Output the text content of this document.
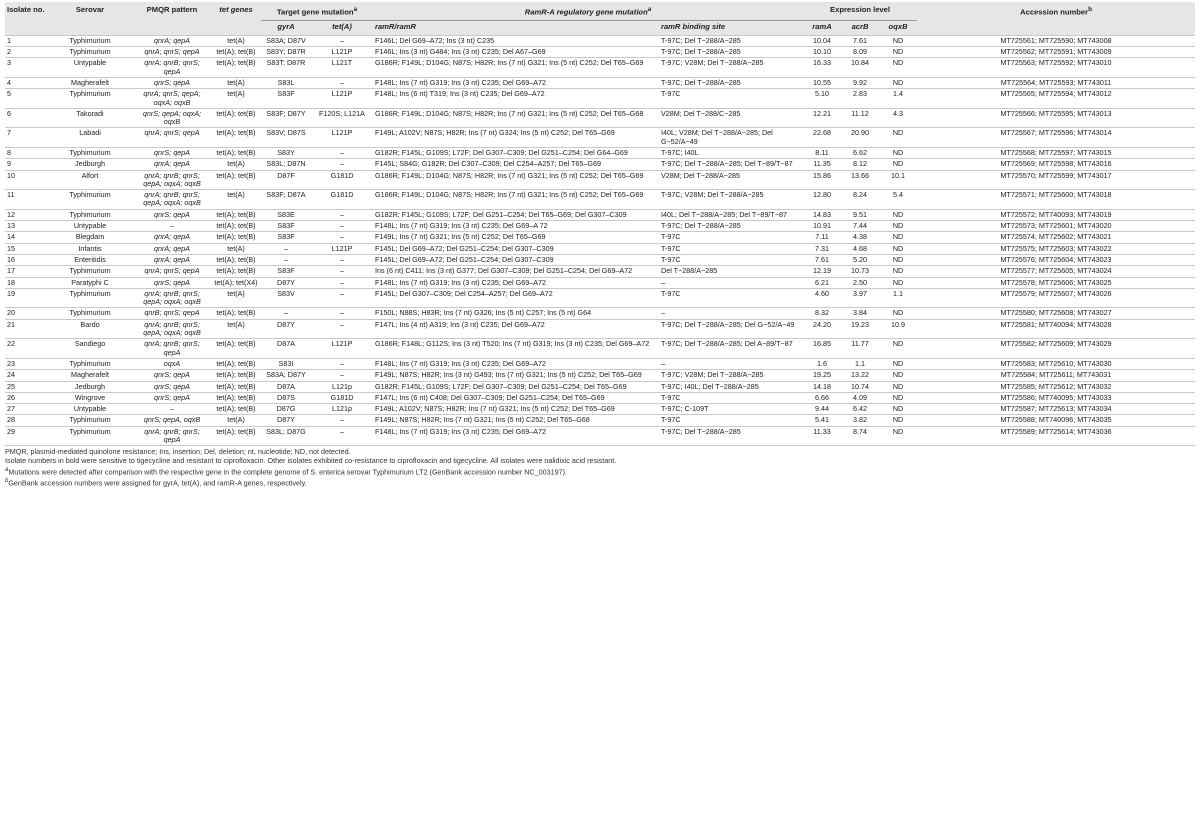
Isolate no.	Serovar	PMQR pattern	tet genes	Target gene mutation$^a$		RamR-A regulatory gene mutation$^a$		Expression level			Accession number$^b$
				gyrA	tet(A)	ramR/ramR	ramR binding site	ramA	acrB	oqxB	
1	Typhimurium	qnrA; qepA	tet(A)	S83A; D87V	–	F146L; Del G69–A72; Ins (3 nt) C235	T-97C; Del T−288/A−285	10.04	7.61	ND	MT725561; MT725590; MT743008
2	Typhimurium	qnrA; qnrS; qepA	tet(A); tet(B)	S83Y; D87R	L121P	F146L; Ins (3 nt) G484; Ins (3 nt) C235; Del A67–G69	T-97C; Del T−288/A−285	10.10	8.09	ND	MT725562; MT725591; MT743009
3	Untypable	qnrA; qnrB; qnrS; qepA	tet(A); tet(B)	S83T; D87R	L121T	G186R; F149L; D104G; N87S; H82R; Ins (7 nt) G321; Ins (5 nt) C252; Del T65–G69	T-97C; V28M; Del T−288/A−285	16.33	10.84	ND	MT725563; MT725592; MT743010
4	Magherafelt	qnrS; qepA	tet(A)	S83L	–	F148L; Ins (7 nt) G319; Ins (3 nt) C235; Del G69–A72	T-97C; Del T−288/A−285	10.55	9.92	ND	MT725564; MT725593; MT743011
5	Typhimurium	qnrA; qnrS; qepA; oqxA; oqxB	tet(A)	S83F	L121P	F148L; Ins (6 nt) T319; Ins (3 nt) C235; Del G69–A72	T-97C	5.10	2.83	1.4	MT725565; MT725594; MT743012
6	Takoradi	qnrS; qepA; oqxA; oqxB	tet(A); tet(B)	S83F; D87Y	F120S; L121A	G186R; F149L; D104G; N87S; H82R; Ins (7 nt) G321; Ins (5 nt) C252; Del T65–G68	V28M; Del T−288/C−285	12.21	11.12	4.3	MT725566; MT725595; MT743013
7	Labadi	qnrA; qnrS; qepA	tet(A); tet(B)	S83V; D87S	L121P	F149L; A102V; N87S; H82R; Ins (7 nt) G324; Ins (5 nt) C252; Del T65–G69	I40L; V28M; Del T−288/A−285; Del G−52/A−49	22.68	20.90	ND	MT725567; MT725596; MT743014
8	Typhimurium	qnrS; qepA	tet(A); tet(B)	S83Y	–	G182R; F145L; G109S; L72F; Del G307–C309; Del G251–C254; Del G64–G69	T-97C; I40L	8.11	6.62	ND	MT725568; MT725597; MT743015
9	Jedburgh	qnrA; qepA	tet(A)	S83L; D87N	–	F145L; S84G; G182R; Del C307–C309; Del C254–A257; Del T65–G69	T-97C; Del T−288/A−285; Del T−89/T−87	11.35	8.12	ND	MT725569; MT725598; MT743016
10	Alfort	qnrA; qnrB; qnrS; qepA; oqxA; oqxB	tet(A); tet(B)	D87F	G181D	G186R; F149L; D104G; N87S; H82R; Ins (7 nt) G321; Ins (5 nt) C252; Del T65–G69	V28M; Del T−288/A−285	15.86	13.66	10.1	MT725570; MT725599; MT743017
11	Typhimurium	qnrA; qnrB; qnrS; qepA; oqxA; oqxB	tet(A)	S83F; D87A	G181D	G186R; F149L; D104G; N87S; H82R; Ins (7 nt) G321; Ins (5 nt) C252; Del T65–G69	T-97C; V28M; Del T−288/A−285	12.80	8.24	5.4	MT725571; MT725600; MT743018
12	Typhimurium	qnrS; qepA	tet(A); tet(B)	S83E	–	G182R; F145L; G109S; L72F; Del G251–C254; Del T65–G69; Del G307–C309	I40L; Del T−288/A−285; Del T−89/T−87	14.83	9.51	ND	MT725572; MT740093; MT743019
13	Untypable	–	tet(A); tet(B)	S83F	–	F148L; Ins (7 nt) G319; Ins (3 nt) C235; Del G69–A 72	T-97C; Del T−288/A−285	10.91	7.44	ND	MT725573; MT725601; MT743020
14	Blegdam	qnrA; qepA	tet(A); tet(B)	S83F	–	F149L; Ins (7 nt) G321; Ins (5 nt) C252; Del T65–G69	T-97C	7.11	4.38	ND	MT725574; MT725602; MT743021
15	Infantis	qnrA; qepA	tet(A)	–	L121P	F145L; Del G69–A72; Del G251–C254; Del G307–C309	T-97C	7.31	4.68	ND	MT725575; MT725603; MT743022
16	Enteritidis	qnrA; qepA	tet(A); tet(B)	–	–	F145L; Del G69–A72; Del G251–C254; Del G307–C309	T-97C	7.61	5.20	ND	MT725576; MT725604; MT743023
17	Typhimurium	qnrA; qnrS; qepA	tet(A); tet(B)	S83F	–	Ins (6 nt) C411; Ins (3 nt) G377; Del G307–C309; Del G251–C254; Del G69–A72	Del T−288/A−285	12.19	10.73	ND	MT725577; MT725605; MT743024
18	Paratyphi C	qnrS; qepA	tet(A); tet(X4)	D87Y	–	F148L; Ins (7 nt) G319; Ins (3 nt) C235; Del G69–A72	–	6.21	2.50	ND	MT725578; MT725606; MT743025
19	Typhimurium	qnrA; qnrB; qnrS; qepA; oqxA; oqxB	tet(A)	S83V	–	F145L; Del G307–C309; Del C254–A257; Del G69–A72	T-97C	4.60	3.97	1.1	MT725579; MT725607; MT743026
20	Typhimurium	qnrB; qnrS; qepA	tet(A); tet(B)	–	–	F150L; N88S; H83R; Ins (7 nt) G326; Ins (5 nt) C257; Ins (5 nt) G64	–	8.32	3.84	ND	MT725580; MT725608; MT743027
21	Bardo	qnrA; qnrB; qnrS; qepA; oqxA; oqxB	tet(A)	D87Y	–	F147L; Ins (4 nt) A319; Ins (3 nt) C235; Del G69–A72	T-97C; Del T−288/A−285; Del G−52/A−49	24.20	19.23	10.9	MT725581; MT740094; MT743028
22	Sandiego	qnrA; qnrB; qnrS; qepA	tet(A); tet(B)	D87A	L121P	G186R; F148L; G112S; Ins (3 nt) T520; Ins (7 nt) G319; Ins (3 nt) C235; Del G69–A72	T-97C; Del T−288/A−285; Del A−89/T−87	16.85	11.77	ND	MT725582; MT725609; MT743029
23	Typhimurium	oqxA	tet(A); tet(B)	S83I	–	F148L; Ins (7 nt) G319; Ins (3 nt) C235; Del G69–A72	–	1.6	1.1	ND	MT725583; MT725610; MT743030
24	Magherafelt	qnrS; qepA	tet(A); tet(B)	S83A; D87Y	–	F149L; N87S; H82R; Ins (3 nt) G493; Ins (7 nt) G321; Ins (5 nt) C252; Del T65–G69	T-97C; V28M; Del T−288/A−285	19.25	13.22	ND	MT725584; MT725611; MT743031
25	Jedburgh	qnrS; qepA	tet(A); tet(B)	D87A	L121p	G182R; F145L; G109S; L72F; Del G307–C309; Del G251–C254; Del T65–G69	T-97C; I40L; Del T−288/A−285	14.18	10.74	ND	MT725585; MT725612; MT743032
26	Wingrove	qnrS; qepA	tet(A); tet(B)	D87S	G181D	F147L; Ins (6 nt) C408; Del G307–C309; Del G251–C254; Del T65–G69	T-97C	6.66	4.09	ND	MT725586; MT740095; MT743033
27	Untypable	–	tet(A); tet(B)	D87G	L121p	F149L; A102V; N87S; H82R; Ins (7 nt) G321; Ins (5 nt) C252; Del T65–G69	T-97C; C-109T	9.44	6.42	ND	MT725587; MT725613; MT743034
28	Typhimurium	qnrS; qepA, oqxB	tet(A)	D87Y	–	F149L; N87S; H82R; Ins (7 nt) G321; Ins (5 nt) C252; Del T65–G68	T-97C	5.41	3.82	ND	MT725588; MT740096; MT743035
29	Typhimurium	qnrA; qnrB; qnrS; qepA	tet(A); tet(B)	S83L; D87G	–	F148L; Ins (7 nt) G319; Ins (3 nt) C235; Del G69–A72	T-97C; Del T−288/A−285	11.33	8.74	ND	MT725589; MT725614; MT743036
PMQR, plasmid-mediated quinolone resistance; Ins, insertion; Del, deletion; nt, nucleotide; ND, not detected.
Isolate numbers in bold were sensitive to tigecycline and resistant to ciprofloxacin. Other isolates exhibited co-resistance to ciprofloxacin and tigecycline. All isolates were nalidixic acid resistant.
$^a$Mutations were detected after comparison with the respective gene in the complete genome of S. enterica serovar Typhimurium LT2 (GenBank accession number NC_003197).
$^b$GenBank accession numbers were assigned for gyrA, tet(A), and ramR-A genes, respectively.
